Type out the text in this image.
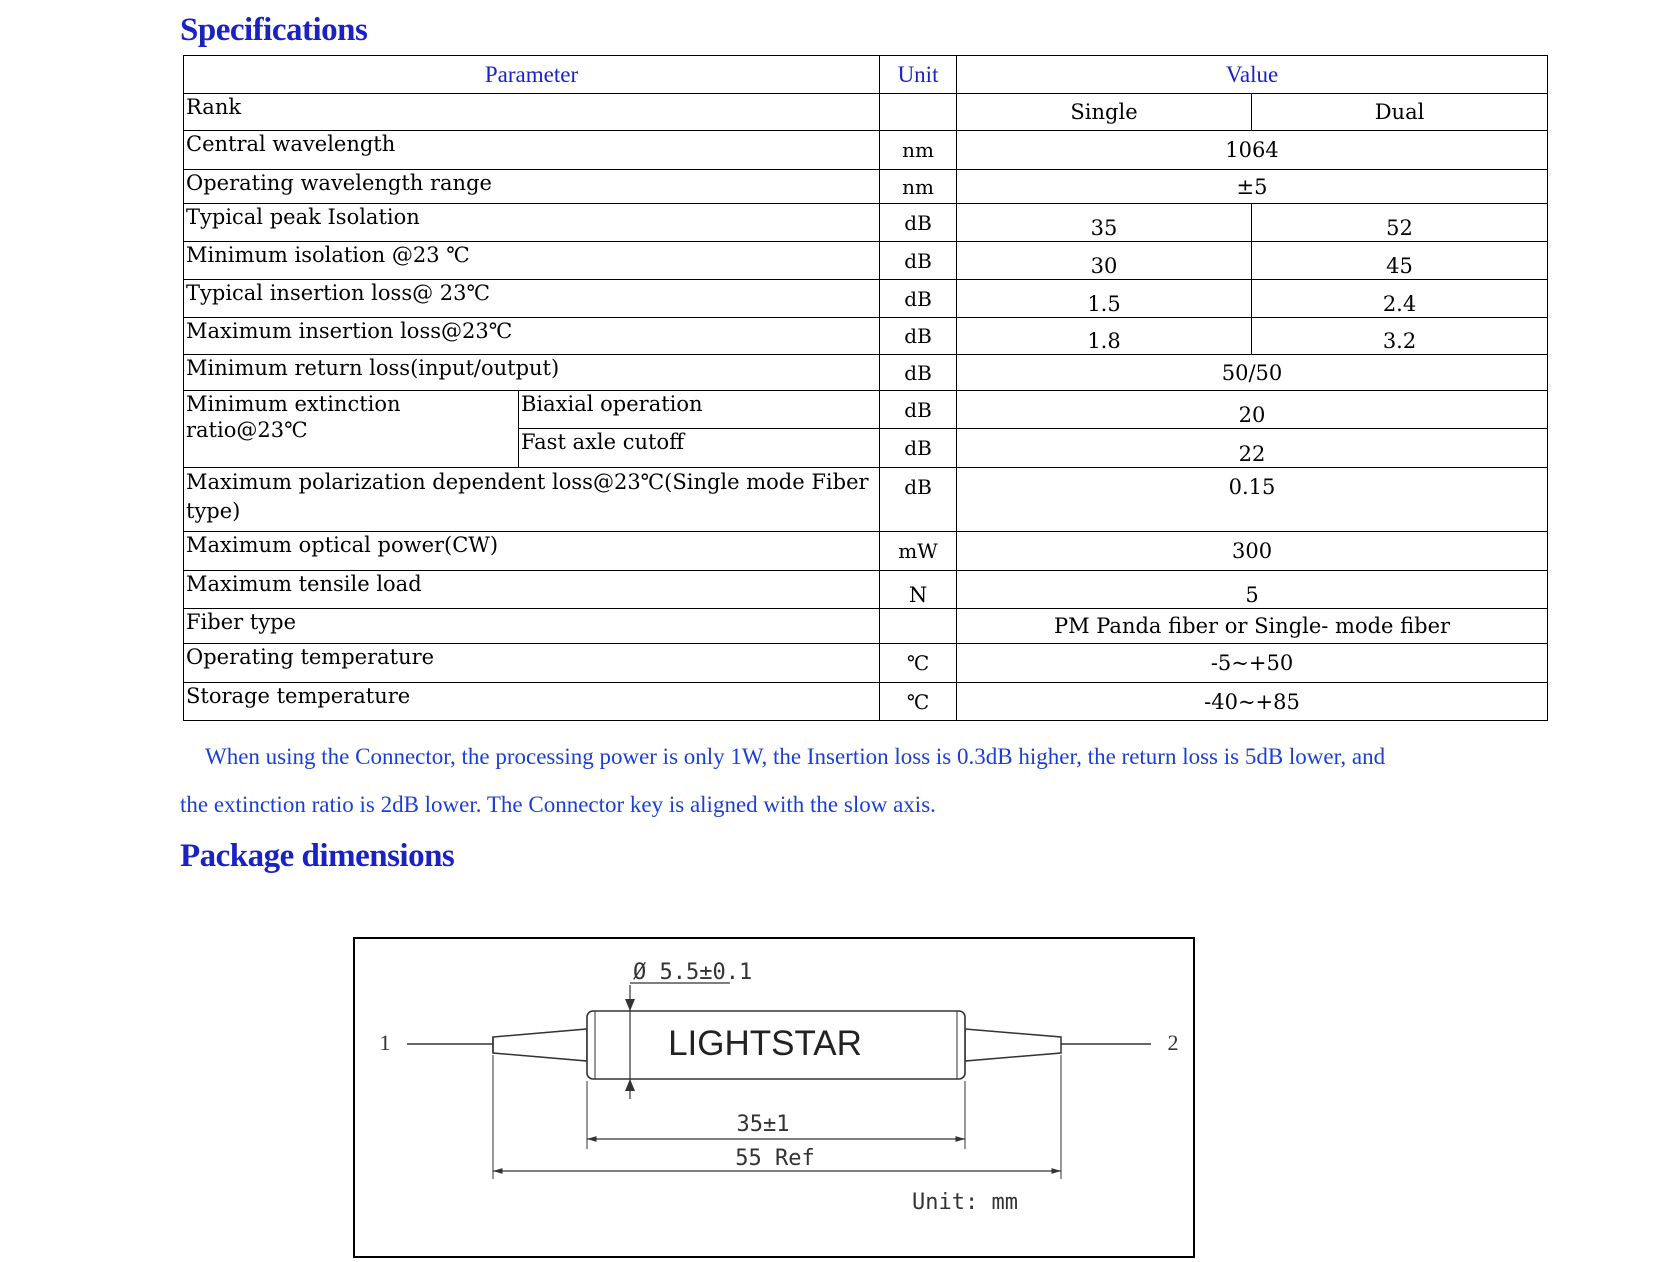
Specifications
Parameter		Unit	Value	
Rank			Single	Dual
Central wavelength		nm	1064	
Operating wavelength range		nm	±5	
Typical peak Isolation		dB	35	52
Minimum isolation @23 ℃		dB	30	45
Typical insertion loss@ 23℃		dB	1.5	2.4
Maximum insertion loss@23℃		dB	1.8	3.2
Minimum return loss(input/output)		dB	50/50	
Minimum extinction ratio@23℃	Biaxial operation	dB	20	
	Fast axle cutoff	dB	22	
Maximum polarization dependent loss@23℃(Single mode Fiber type)		dB	0.15	
Maximum optical power(CW)		mW	300	
Maximum tensile load		N	5	
Fiber type			PM Panda fiber or Single- mode fiber	
Operating temperature		℃	-5~+50	
Storage temperature		℃	-40~+85	

When using the Connector, the processing power is only 1W, the Insertion loss is 0.3dB higher, the return loss is 5dB lower, and

the extinction ratio is 2dB lower. The Connector key is aligned with the slow axis.

Package dimensions
Ø 5.5±0.1
LIGHTSTAR
1	2
35±1
55 Ref
Unit: mm
